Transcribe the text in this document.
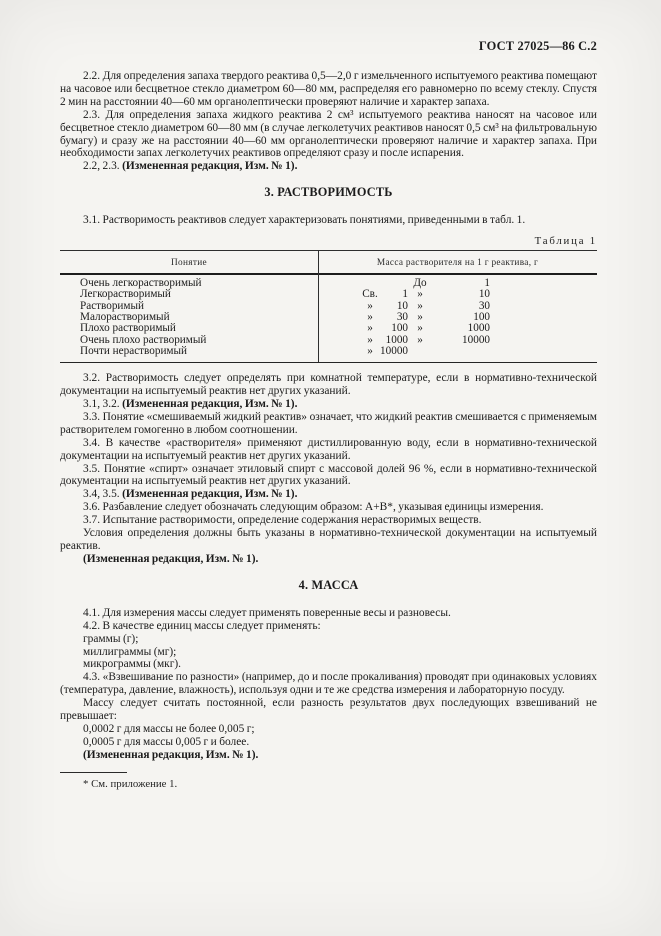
ГОСТ 27025—86 С.2
2.2. Для определения запаха твердого реактива 0,5—2,0 г измельченного испытуемого реактива помещают на часовое или бесцветное стекло диаметром 60—80 мм, распределяя его равномерно по всему стеклу. Спустя 2 мин на расстоянии 40—60 мм органолептически проверяют наличие и характер запаха.
2.3. Для определения запаха жидкого реактива 2 см³ испытуемого реактива наносят на часовое или бесцветное стекло диаметром 60—80 мм (в случае легколетучих реактивов наносят 0,5 см³ на фильтровальную бумагу) и сразу же на расстоянии 40—60 мм органолептически проверяют наличие и характер запаха. При необходимости запах легколетучих реактивов определяют сразу и после испарения.
2.2, 2.3. (Измененная редакция, Изм. № 1).
3. РАСТВОРИМОСТЬ
3.1. Растворимость реактивов следует характеризовать понятиями, приведенными в табл. 1.
Таблица 1
Понятие	Масса растворителя на 1 г реактива, г
Очень легкорастворимый	До	1
Легкорастворимый	Св.	1 »	10
Растворимый	»	10 »	30
Малорастворимый	»	30 »	100
Плохо растворимый	»	100 »	1000
Очень плохо растворимый	»	1000 »	10000
Почти нерастворимый	» 10000
3.2. Растворимость следует определять при комнатной температуре, если в нормативно-технической документации на испытуемый реактив нет других указаний.
3.1, 3.2. (Измененная редакция, Изм. № 1).
3.3. Понятие «смешиваемый жидкий реактив» означает, что жидкий реактив смешивается с применяемым растворителем гомогенно в любом соотношении.
3.4. В качестве «растворителя» применяют дистиллированную воду, если в нормативно-технической документации на испытуемый реактив нет других указаний.
3.5. Понятие «спирт» означает этиловый спирт с массовой долей 96 %, если в нормативно-технической документации на испытуемый реактив нет других указаний.
3.4, 3.5. (Измененная редакция, Изм. № 1).
3.6. Разбавление следует обозначать следующим образом: А+В*, указывая единицы измерения.
3.7. Испытание растворимости, определение содержания нерастворимых веществ.
Условия определения должны быть указаны в нормативно-технической документации на испытуемый реактив.
(Измененная редакция, Изм. № 1).
4. МАССА
4.1. Для измерения массы следует применять поверенные весы и разновесы.
4.2. В качестве единиц массы следует применять:
граммы (г);
миллиграммы (мг);
микрограммы (мкг).
4.3. «Взвешивание по разности» (например, до и после прокаливания) проводят при одинаковых условиях (температура, давление, влажность), используя одни и те же средства измерения и лабораторную посуду.
Массу следует считать постоянной, если разность результатов двух последующих взвешиваний не превышает:
0,0002 г для массы не более 0,005 г;
0,0005 г для массы 0,005 г и более.
(Измененная редакция, Изм. № 1).
* См. приложение 1.
